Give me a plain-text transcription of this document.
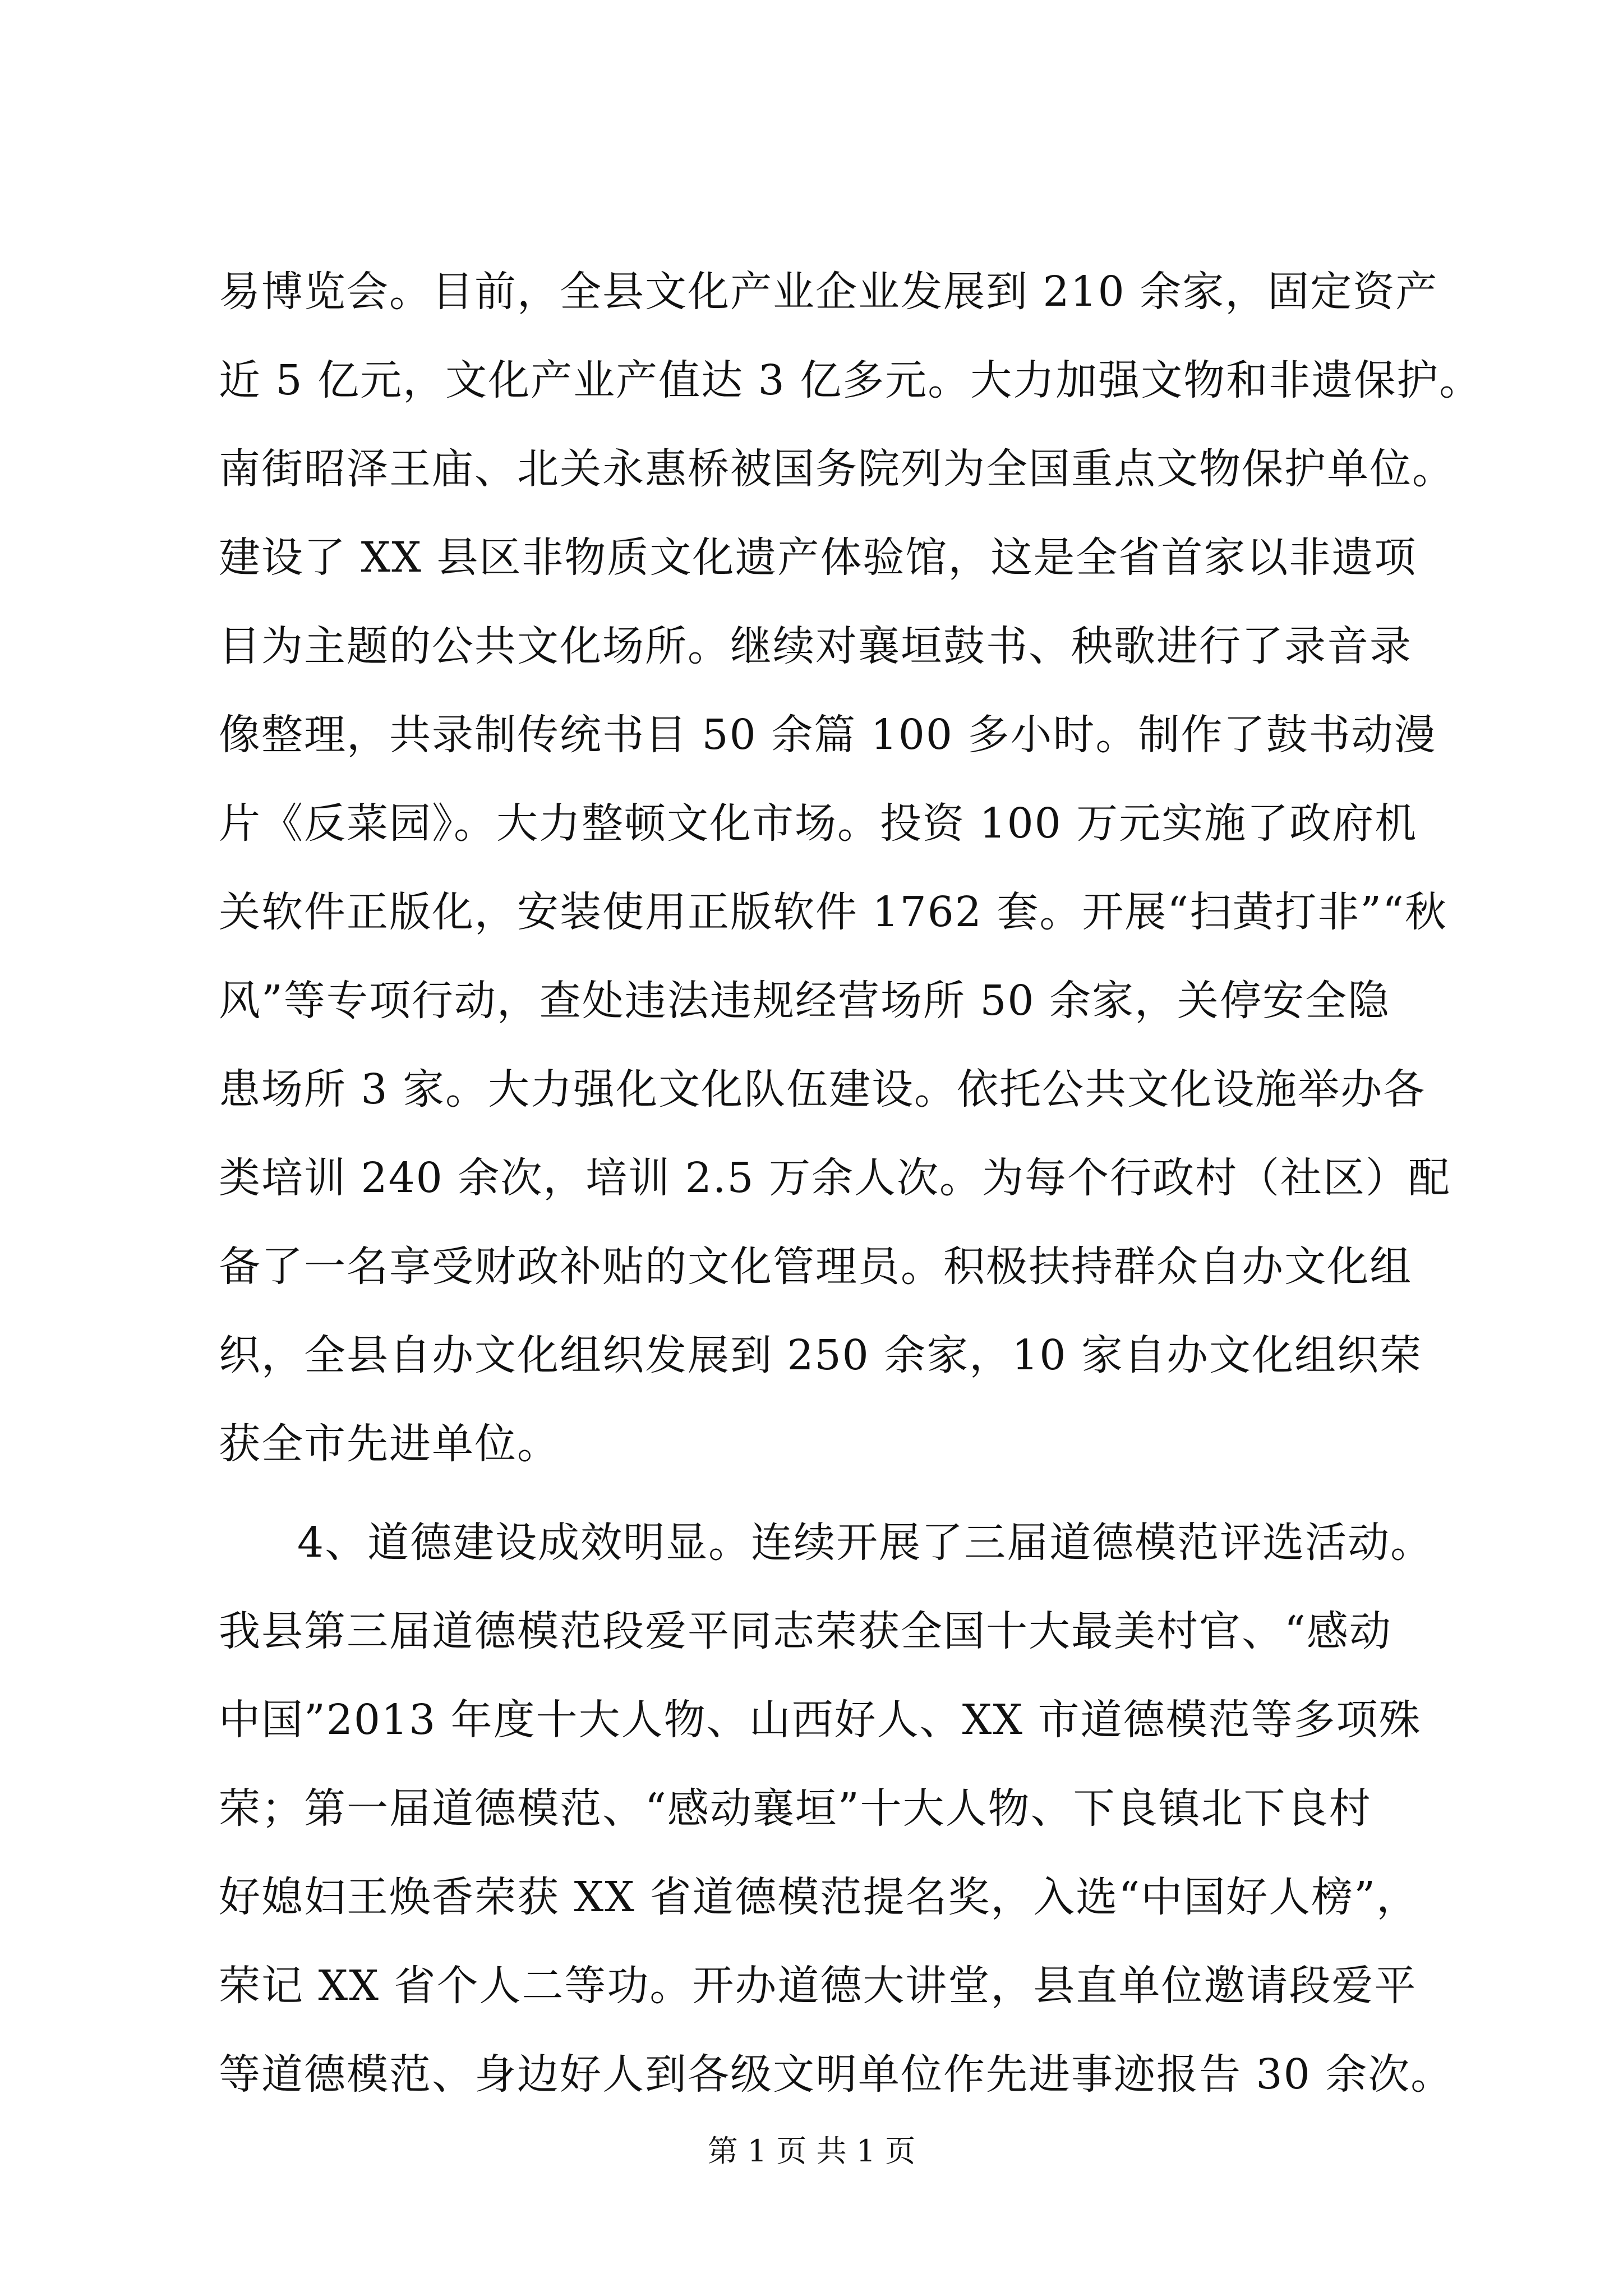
易博览会。目前，全县文化产业企业发展到 210 余家，固定资产
近 5 亿元，文化产业产值达 3 亿多元。大力加强文物和非遗保护。
南街昭泽王庙、北关永惠桥被国务院列为全国重点文物保护单位。
建设了 XX 县区非物质文化遗产体验馆，这是全省首家以非遗项
目为主题的公共文化场所。继续对襄垣鼓书、秧歌进行了录音录
像整理，共录制传统书目 50 余篇 100 多小时。制作了鼓书动漫
片《反菜园》。大力整顿文化市场。投资 100 万元实施了政府机
关软件正版化，安装使用正版软件 1762 套。开展“扫黄打非”“秋
风”等专项行动，查处违法违规经营场所 50 余家，关停安全隐
患场所 3 家。大力强化文化队伍建设。依托公共文化设施举办各
类培训 240 余次，培训 2.5 万余人次。为每个行政村（社区）配
备了一名享受财政补贴的文化管理员。积极扶持群众自办文化组
织，全县自办文化组织发展到 250 余家，10 家自办文化组织荣
获全市先进单位。
4、道德建设成效明显。连续开展了三届道德模范评选活动。
我县第三届道德模范段爱平同志荣获全国十大最美村官、“感动
中国”2013 年度十大人物、山西好人、XX 市道德模范等多项殊
荣；第一届道德模范、“感动襄垣”十大人物、下良镇北下良村
好媳妇王焕香荣获 XX 省道德模范提名奖，入选“中国好人榜”，
荣记 XX 省个人二等功。开办道德大讲堂，县直单位邀请段爱平
等道德模范、身边好人到各级文明单位作先进事迹报告 30 余次。
第 1 页 共 1 页
